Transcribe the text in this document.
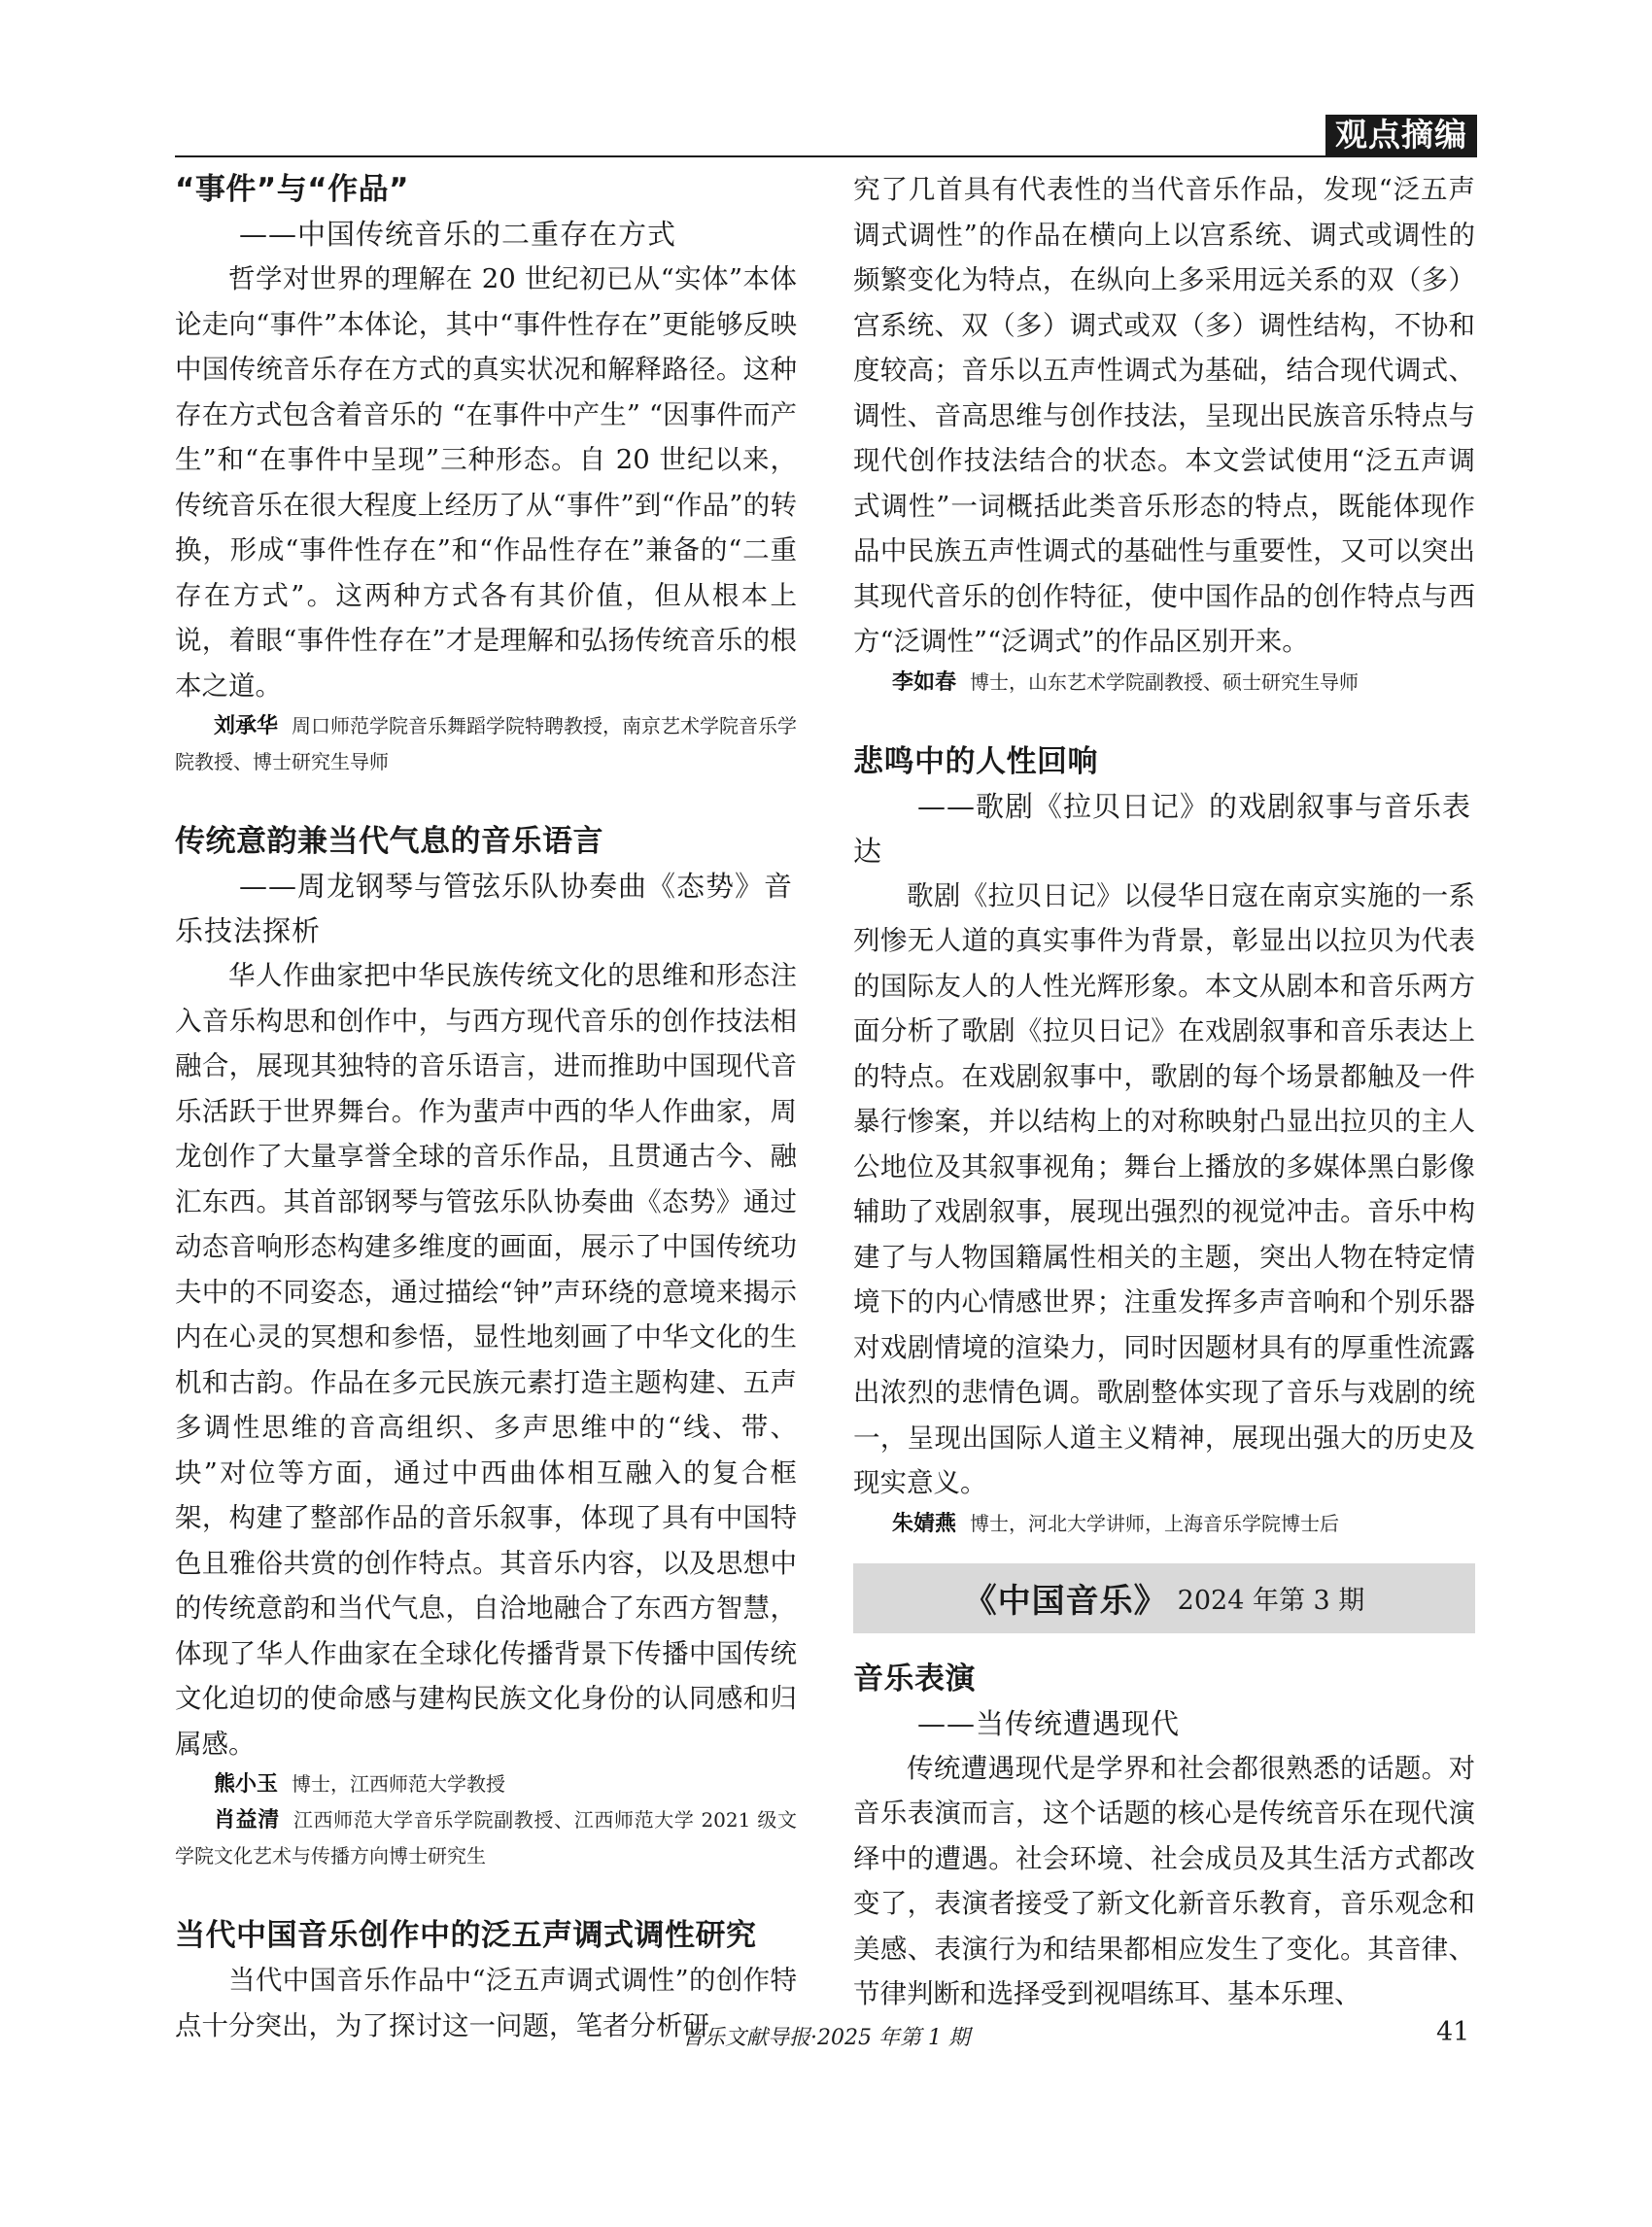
观点摘编

“事件”与“作品”

——中国传统音乐的二重存在方式

哲学对世界的理解在 20 世纪初已从“实体”本体论走向“事件”本体论，其中“事件性存在”更能够反映中国传统音乐存在方式的真实状况和解释路径。这种存在方式包含着音乐的 “在事件中产生” “因事件而产生”和“在事件中呈现”三种形态。自 20 世纪以来，传统音乐在很大程度上经历了从“事件”到“作品”的转换，形成“事件性存在”和“作品性存在”兼备的“二重存在方式”。这两种方式各有其价值，但从根本上说，着眼“事件性存在”才是理解和弘扬传统音乐的根本之道。

刘承华 周口师范学院音乐舞蹈学院特聘教授，南京艺术学院音乐学院教授、博士研究生导师

传统意韵兼当代气息的音乐语言

——周龙钢琴与管弦乐队协奏曲《态势》音乐技法探析

华人作曲家把中华民族传统文化的思维和形态注入音乐构思和创作中，与西方现代音乐的创作技法相融合，展现其独特的音乐语言，进而推助中国现代音乐活跃于世界舞台。作为蜚声中西的华人作曲家，周龙创作了大量享誉全球的音乐作品，且贯通古今、融汇东西。其首部钢琴与管弦乐队协奏曲《态势》通过动态音响形态构建多维度的画面，展示了中国传统功夫中的不同姿态，通过描绘“钟”声环绕的意境来揭示内在心灵的冥想和参悟，显性地刻画了中华文化的生机和古韵。作品在多元民族元素打造主题构建、五声多调性思维的音高组织、多声思维中的“线、带、块”对位等方面，通过中西曲体相互融入的复合框架，构建了整部作品的音乐叙事，体现了具有中国特色且雅俗共赏的创作特点。其音乐内容，以及思想中的传统意韵和当代气息，自洽地融合了东西方智慧，体现了华人作曲家在全球化传播背景下传播中国传统文化迫切的使命感与建构民族文化身份的认同感和归属感。

熊小玉 博士，江西师范大学教授

肖益清 江西师范大学音乐学院副教授、江西师范大学 2021 级文学院文化艺术与传播方向博士研究生

当代中国音乐创作中的泛五声调式调性研究

当代中国音乐作品中“泛五声调式调性”的创作特点十分突出，为了探讨这一问题，笔者分析研

究了几首具有代表性的当代音乐作品，发现“泛五声调式调性”的作品在横向上以宫系统、调式或调性的频繁变化为特点，在纵向上多采用远关系的双（多）宫系统、双（多）调式或双（多）调性结构，不协和度较高；音乐以五声性调式为基础，结合现代调式、调性、音高思维与创作技法，呈现出民族音乐特点与现代创作技法结合的状态。本文尝试使用“泛五声调式调性”一词概括此类音乐形态的特点，既能体现作品中民族五声性调式的基础性与重要性，又可以突出其现代音乐的创作特征，使中国作品的创作特点与西方“泛调性”“泛调式”的作品区别开来。

李如春 博士，山东艺术学院副教授、硕士研究生导师

悲鸣中的人性回响

——歌剧《拉贝日记》的戏剧叙事与音乐表达

歌剧《拉贝日记》以侵华日寇在南京实施的一系列惨无人道的真实事件为背景，彰显出以拉贝为代表的国际友人的人性光辉形象。本文从剧本和音乐两方面分析了歌剧《拉贝日记》在戏剧叙事和音乐表达上的特点。在戏剧叙事中，歌剧的每个场景都触及一件暴行惨案，并以结构上的对称映射凸显出拉贝的主人公地位及其叙事视角；舞台上播放的多媒体黑白影像辅助了戏剧叙事，展现出强烈的视觉冲击。音乐中构建了与人物国籍属性相关的主题，突出人物在特定情境下的内心情感世界；注重发挥多声音响和个别乐器对戏剧情境的渲染力，同时因题材具有的厚重性流露出浓烈的悲情色调。歌剧整体实现了音乐与戏剧的统一，呈现出国际人道主义精神，展现出强大的历史及现实意义。

朱婧燕 博士，河北大学讲师，上海音乐学院博士后

《中国音乐》 2024 年第 3 期

音乐表演

——当传统遭遇现代

传统遭遇现代是学界和社会都很熟悉的话题。对音乐表演而言，这个话题的核心是传统音乐在现代演绎中的遭遇。社会环境、社会成员及其生活方式都改变了，表演者接受了新文化新音乐教育，音乐观念和美感、表演行为和结果都相应发生了变化。其音律、节律判断和选择受到视唱练耳、基本乐理、

音乐文献导报·2025 年第 1 期	41
